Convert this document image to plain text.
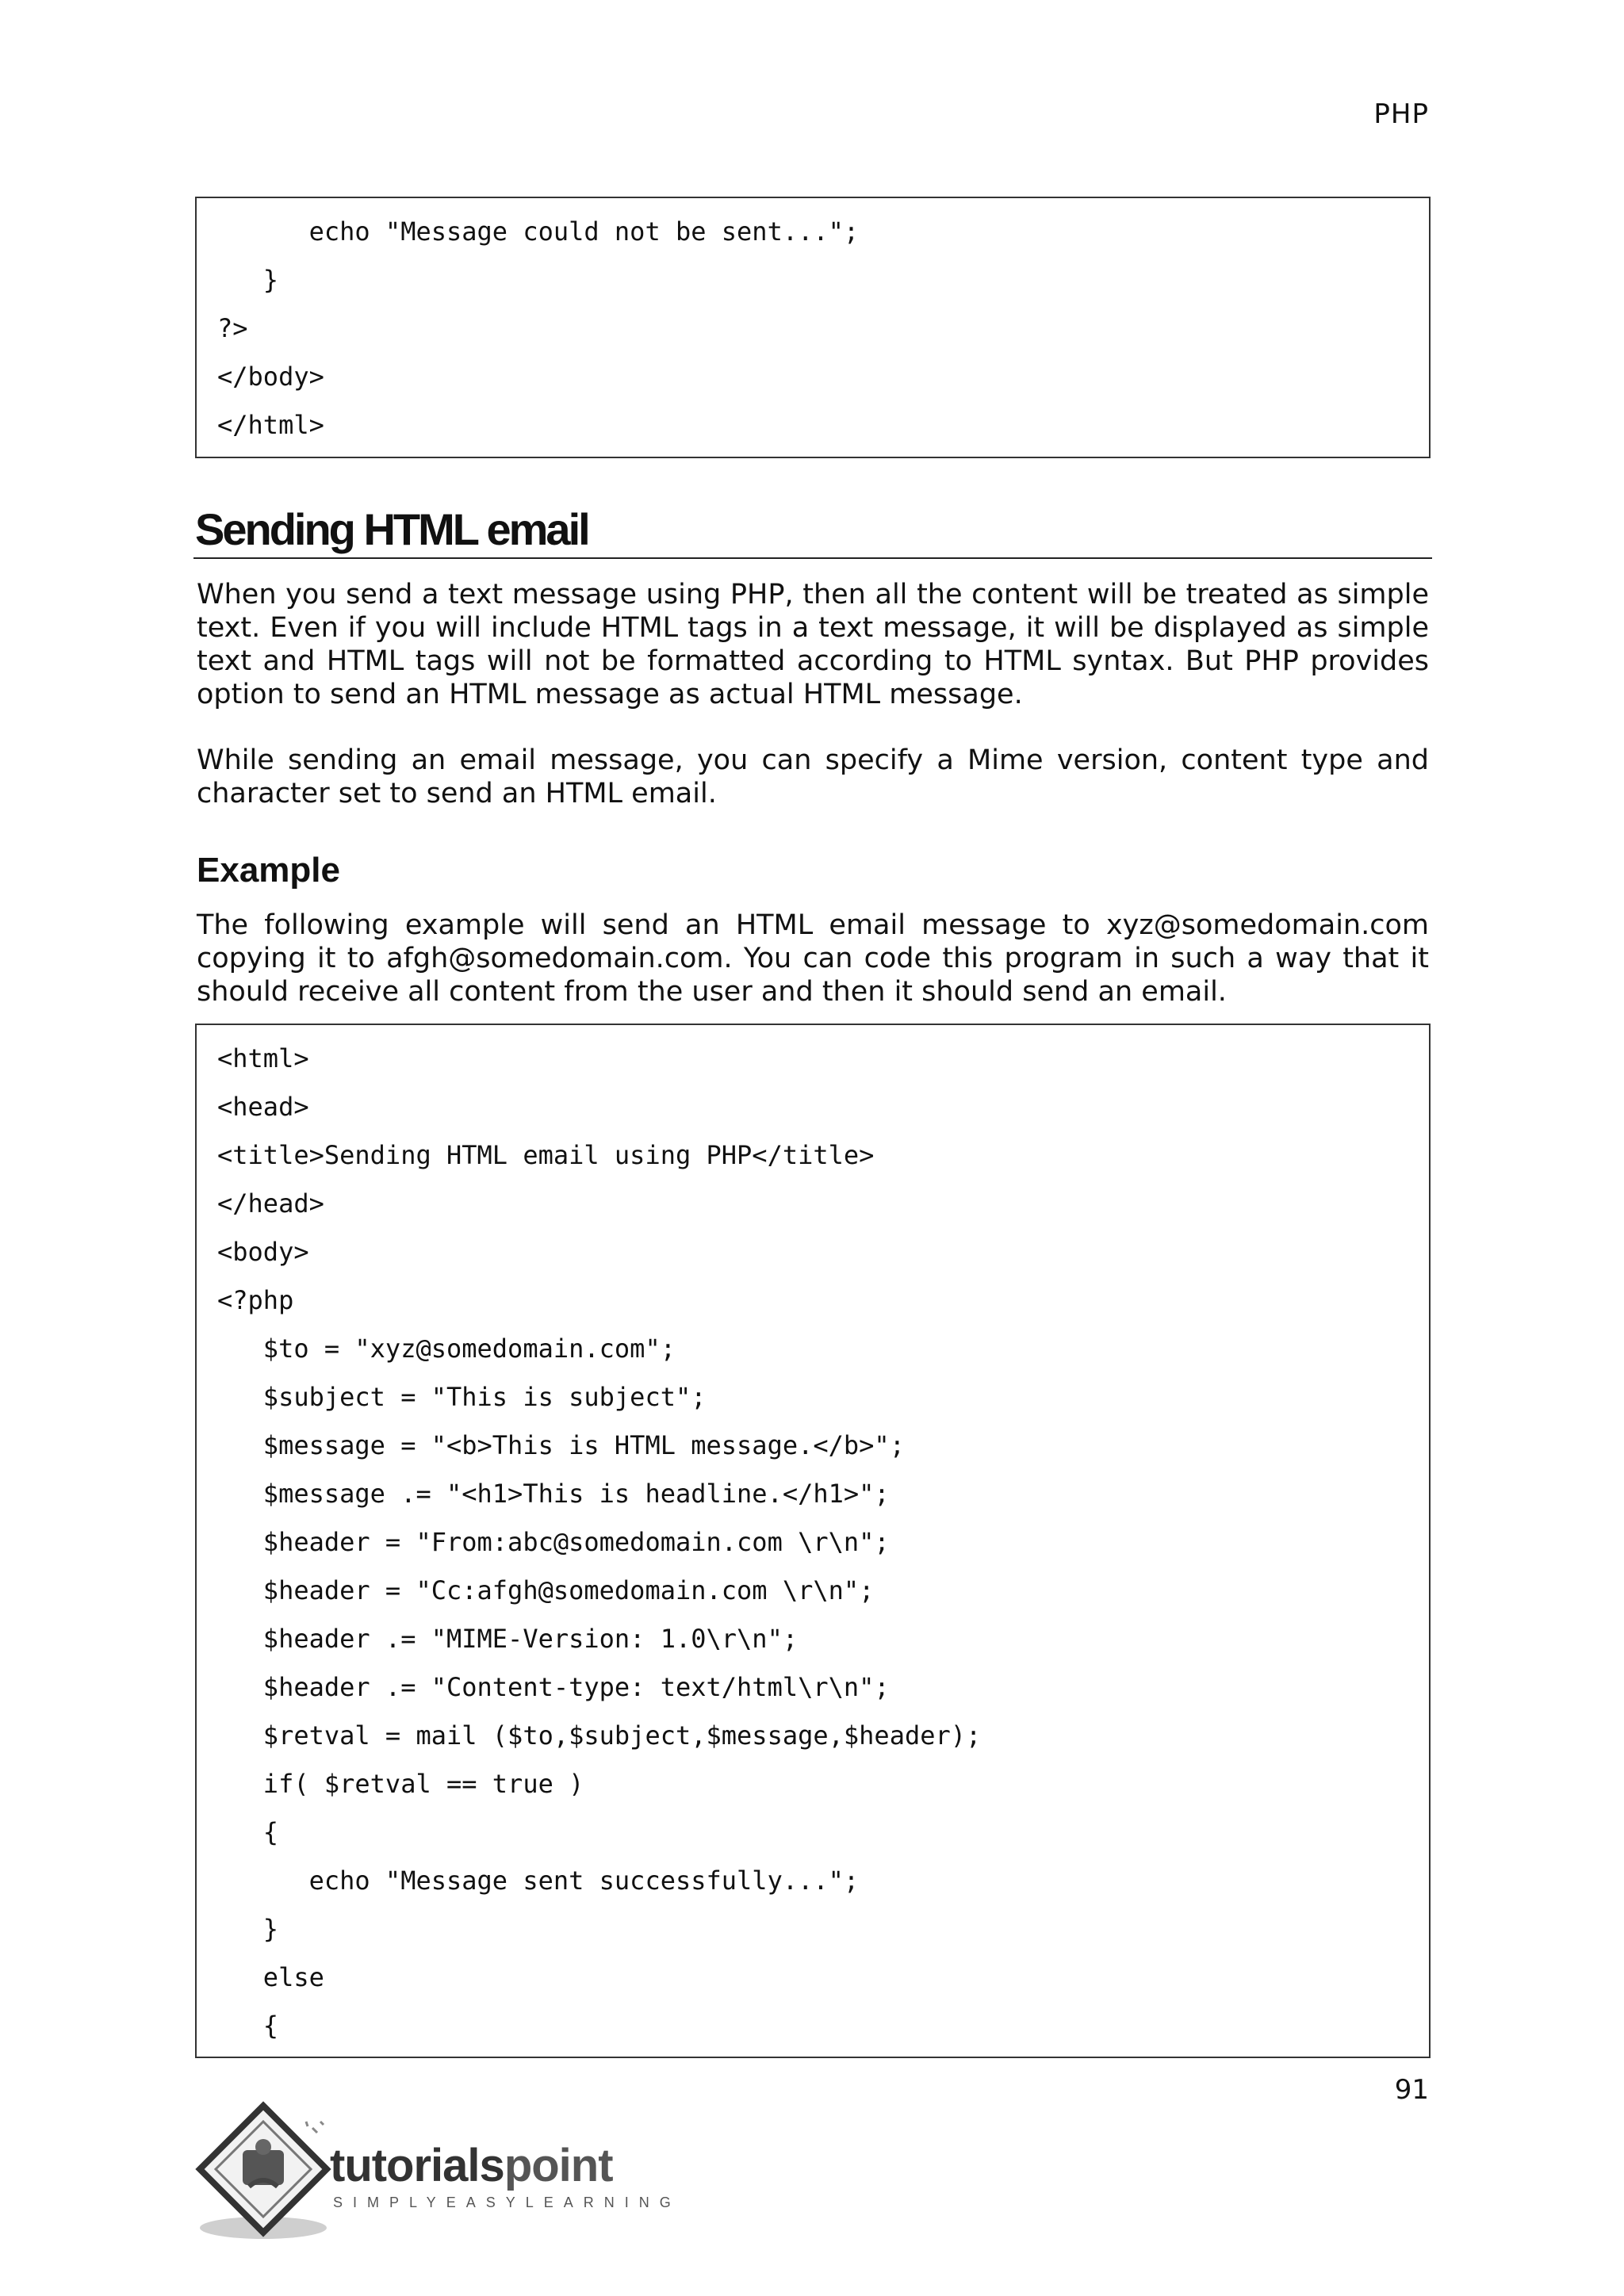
PHP
echo "Message could not be sent...";
}
?>
</body>
</html>
Sending HTML email

When you send a text message using PHP, then all the content will be treated as simple text. Even if you will include HTML tags in a text message, it will be displayed as simple text and HTML tags will not be formatted according to HTML syntax. But PHP provides option to send an HTML message as actual HTML message.

While sending an email message, you can specify a Mime version, content type and character set to send an HTML email.

Example

The following example will send an HTML email message to xyz@somedomain.com copying it to afgh@somedomain.com. You can code this program in such a way that it should receive all content from the user and then it should send an email.

<html>
<head>
<title>Sending HTML email using PHP</title>
</head>
<body>
<?php
$to = "xyz@somedomain.com";
$subject = "This is subject";
$message = "<b>This is HTML message.</b>";
$message .= "<h1>This is headline.</h1>";
$header = "From:abc@somedomain.com \r\n";
$header = "Cc:afgh@somedomain.com \r\n";
$header .= "MIME-Version: 1.0\r\n";
$header .= "Content-type: text/html\r\n";
$retval = mail ($to,$subject,$message,$header);
if( $retval == true )
{
echo "Message sent successfully...";
}
else
{
91
tutorialspoint
SIMPLYEASYLEARNING
